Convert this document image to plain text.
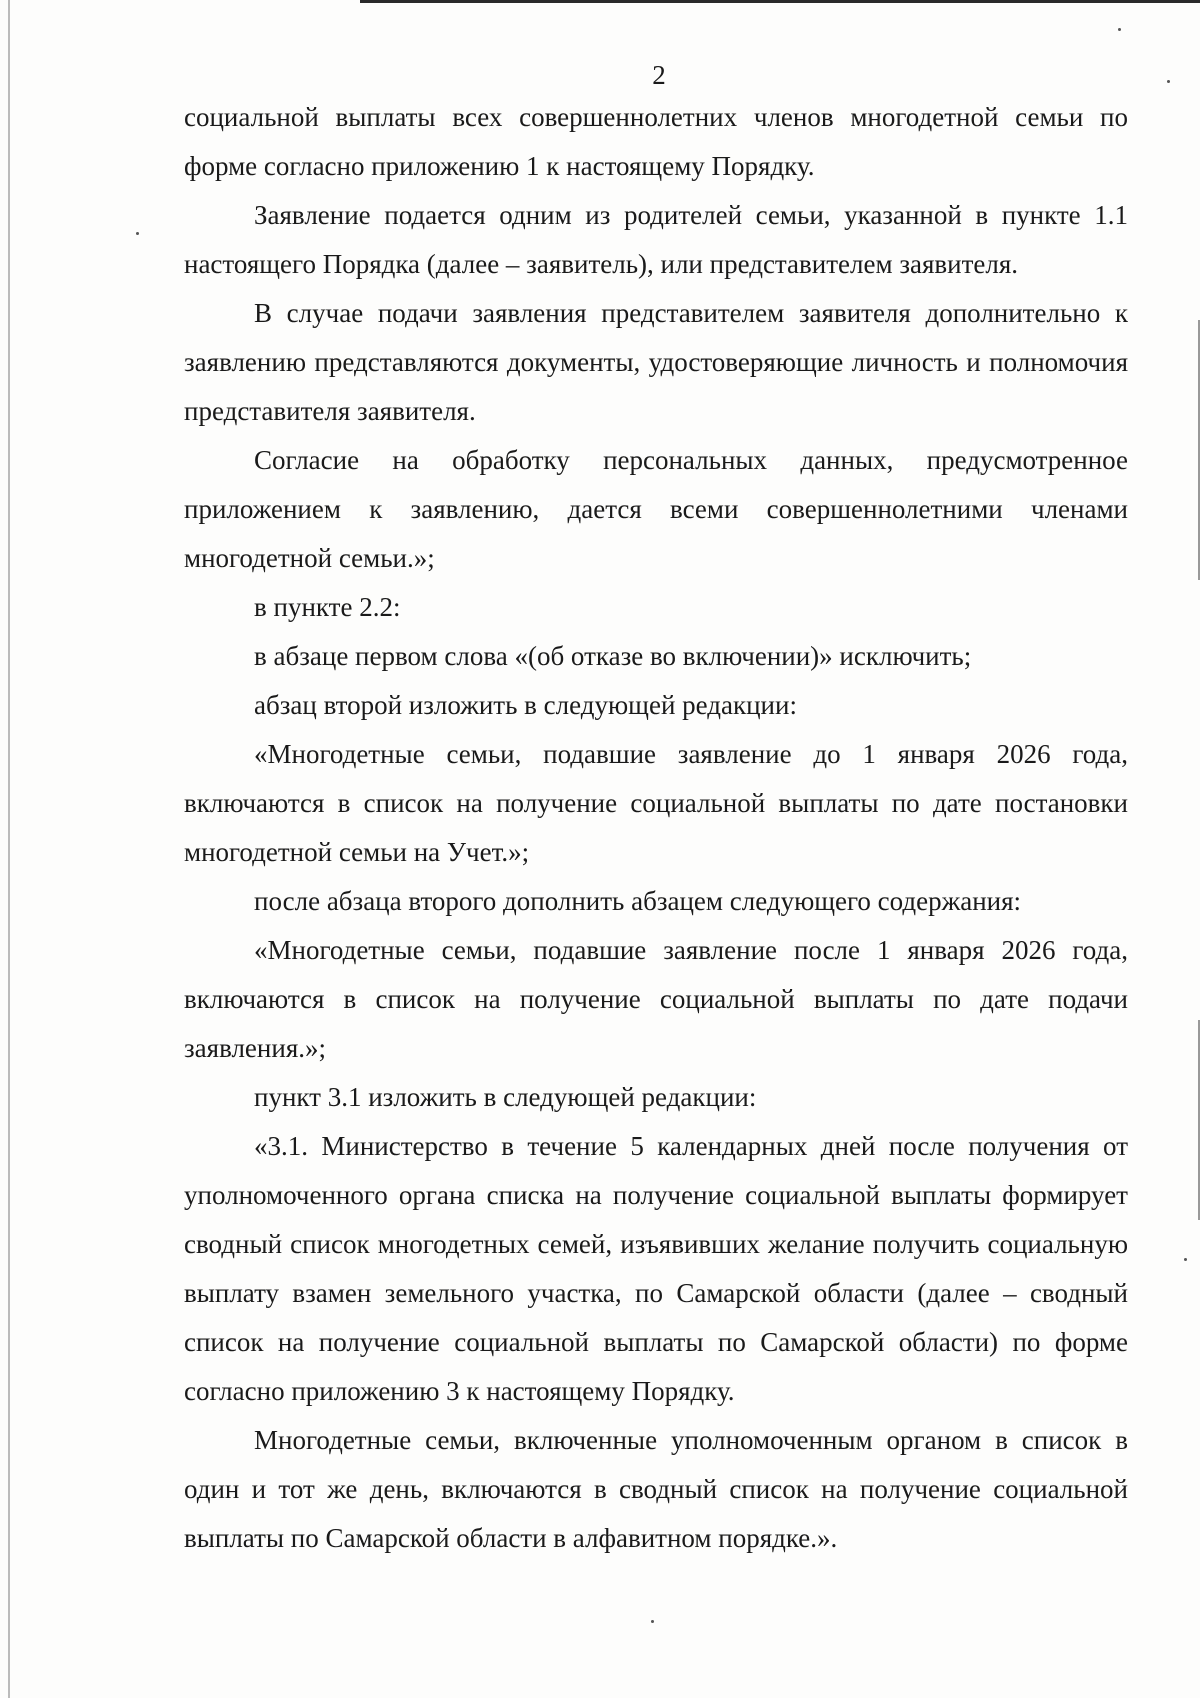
2

социальной выплаты всех совершеннолетних членов многодетной семьи по форме согласно приложению 1 к настоящему Порядку.

Заявление подается одним из родителей семьи, указанной в пункте 1.1 настоящего Порядка (далее – заявитель), или представителем заявителя.

В случае подачи заявления представителем заявителя дополнительно к заявлению представляются документы, удостоверяющие личность и полномочия представителя заявителя.

Согласие на обработку персональных данных, предусмотренное приложением к заявлению, дается всеми совершеннолетними членами многодетной семьи.»;

в пункте 2.2:

в абзаце первом слова «(об отказе во включении)» исключить;

абзац второй изложить в следующей редакции:

«Многодетные семьи, подавшие заявление до 1 января 2026 года, включаются в список на получение социальной выплаты по дате постановки многодетной семьи на Учет.»;

после абзаца второго дополнить абзацем следующего содержания:

«Многодетные семьи, подавшие заявление после 1 января 2026 года, включаются в список на получение социальной выплаты по дате подачи заявления.»;

пункт 3.1 изложить в следующей редакции:

«3.1. Министерство в течение 5 календарных дней после получения от уполномоченного органа списка на получение социальной выплаты формирует сводный список многодетных семей, изъявивших желание получить социальную выплату взамен земельного участка, по Самарской области (далее – сводный список на получение социальной выплаты по Самарской области) по форме согласно приложению 3 к настоящему Порядку.

Многодетные семьи, включенные уполномоченным органом в список в один и тот же день, включаются в сводный список на получение социальной выплаты по Самарской области в алфавитном порядке.».
